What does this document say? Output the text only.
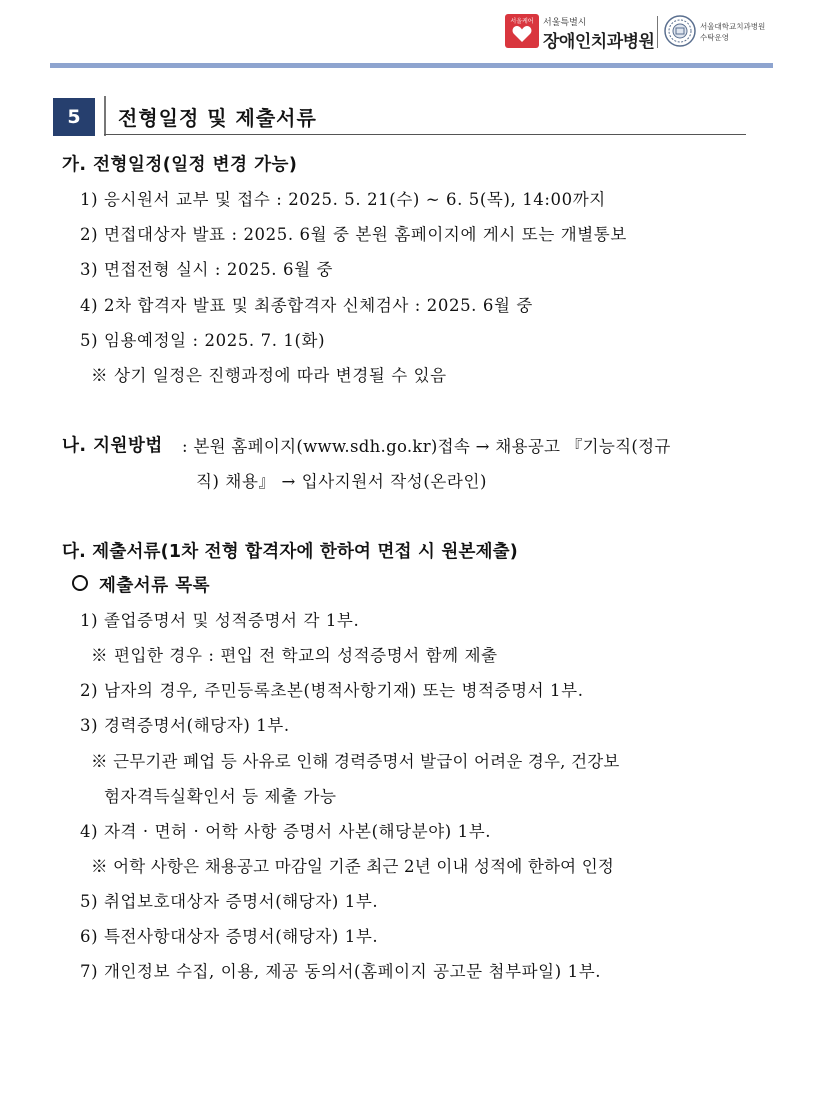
서울케어	서울특별시
장애인치과병원
서울대학교치과병원
수탁운영
5	전형일정 및 제출서류
가. 전형일정(일정 변경 가능)
1) 응시원서 교부 및 접수 : 2025. 5. 21(수) ~ 6. 5(목), 14:00까지
2) 면접대상자 발표 : 2025. 6월 중 본원 홈페이지에 게시 또는 개별통보
3) 면접전형 실시 : 2025. 6월 중
4) 2차 합격자 발표 및 최종합격자 신체검사 : 2025. 6월 중
5) 임용예정일 : 2025. 7. 1(화)
※ 상기 일정은 진행과정에 따라 변경될 수 있음
나. 지원방법 : 본원 홈페이지(www.sdh.go.kr)접속 → 채용공고 『기능직(정규
직) 채용』 → 입사지원서 작성(온라인)
다. 제출서류(1차 전형 합격자에 한하여 면접 시 원본제출)
제출서류 목록
1) 졸업증명서 및 성적증명서 각 1부.
※ 편입한 경우 : 편입 전 학교의 성적증명서 함께 제출
2) 남자의 경우, 주민등록초본(병적사항기재) 또는 병적증명서 1부.
3) 경력증명서(해당자) 1부.
※ 근무기관 폐업 등 사유로 인해 경력증명서 발급이 어려운 경우, 건강보
험자격득실확인서 등 제출 가능
4) 자격 · 면허 · 어학 사항 증명서 사본(해당분야) 1부.
※ 어학 사항은 채용공고 마감일 기준 최근 2년 이내 성적에 한하여 인정
5) 취업보호대상자 증명서(해당자) 1부.
6) 특전사항대상자 증명서(해당자) 1부.
7) 개인정보 수집, 이용, 제공 동의서(홈페이지 공고문 첨부파일) 1부.
